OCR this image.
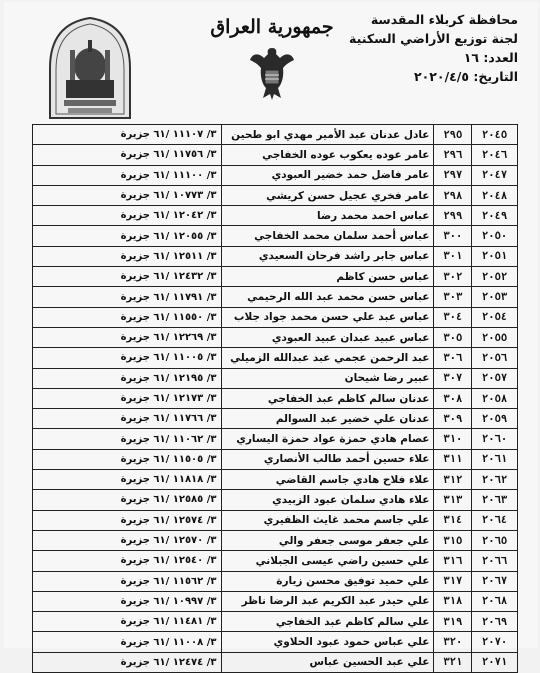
محافظة كربلاء المقدسة
لجنة توزيع الأراضي السكنية
العدد: ١٦
التاريخ: ٢٠٢٠/٤/٥
جمهورية العراق
٢٠٤٥	٢٩٥	عادل عدنان عبد الأمير مهدي ابو طحين	٣/ ١١١٠٧ /٦١ جزيرة
٢٠٤٦	٢٩٦	عامر عوده يعكوب عوده الخفاجي	٣/ ١١٧٥٦ /٦١ جزيرة
٢٠٤٧	٢٩٧	عامر فاضل حمد خضير العبودي	٣/ ١١١٠٠ /٦١ جزيرة
٢٠٤٨	٢٩٨	عامر فخري عجيل حسن كريشي	٣/ ١٠٧٧٣ /٦١ جزيرة
٢٠٤٩	٢٩٩	عباس احمد محمد رضا	٣/ ١٢٠٤٢ /٦١ جزيرة
٢٠٥٠	٣٠٠	عباس أحمد سلمان محمد الخفاجي	٣/ ١٢٠٥٥ /٦١ جزيرة
٢٠٥١	٣٠١	عباس جابر راشد فرحان السعيدي	٣/ ١٢٥١١ /٦١ جزيرة
٢٠٥٢	٣٠٢	عباس حسن كاظم	٣/ ١٢٤٣٢ /٦١ جزيرة
٢٠٥٣	٣٠٣	عباس حسن محمد عبد الله الرحيمي	٣/ ١١٧٩١ /٦١ جزيرة
٢٠٥٤	٣٠٤	عباس عبد علي حسن محمد جواد جلاب	٣/ ١١٥٥٠ /٦١ جزيرة
٢٠٥٥	٣٠٥	عباس عبيد عبدان عبيد العبودي	٣/ ١٢٢٦٩ /٦١ جزيرة
٢٠٥٦	٣٠٦	عبد الرحمن عجمي عبد عبدالله الزميلي	٣/ ١١٠٠٥ /٦١ جزيرة
٢٠٥٧	٣٠٧	عبير رضا شيحان	٣/ ١٢١٩٥ /٦١ جزيرة
٢٠٥٨	٣٠٨	عدنان سالم كاظم عبد الخفاجي	٣/ ١٢١٧٣ /٦١ جزيرة
٢٠٥٩	٣٠٩	عدنان علي خضير عبد السوالم	٣/ ١١٧٦٦ /٦١ جزيرة
٢٠٦٠	٣١٠	عصام هادي حمزة عواد حمزة اليساري	٣/ ١١٠٦٢ /٦١ جزيرة
٢٠٦١	٣١١	علاء حسين أحمد طالب الأنصاري	٣/ ١١٥٠٥ /٦١ جزيرة
٢٠٦٢	٣١٢	علاء فلاح هادي جاسم القاضي	٣/ ١١٨١٨ /٦١ جزيرة
٢٠٦٣	٣١٣	علاء هادي سلمان عبود الزبيدي	٣/ ١٢٥٨٥ /٦١ جزيرة
٢٠٦٤	٣١٤	علي جاسم محمد غايث الظفيري	٣/ ١٢٥٧٤ /٦١ جزيرة
٢٠٦٥	٣١٥	علي جعفر موسى جعفر والي	٣/ ١٢٥٧٠ /٦١ جزيرة
٢٠٦٦	٣١٦	علي حسين راضي عيسى الجبلاني	٣/ ١٢٥٤٠ /٦١ جزيرة
٢٠٦٧	٣١٧	علي حميد توفيق محسن زيارة	٣/ ١١٥٦٢ /٦١ جزيرة
٢٠٦٨	٣١٨	علي حيدر عبد الكريم عبد الرضا ناظر	٣/ ١٠٩٩٧ /٦١ جزيرة
٢٠٦٩	٣١٩	علي سالم كاظم عبد الخفاجي	٣/ ١١٤٨١ /٦١ جزيرة
٢٠٧٠	٣٢٠	علي عباس حمود عبود الحلاوي	٣/ ١١٠٠٨ /٦١ جزيرة
٢٠٧١	٣٢١	علي عبد الحسين عباس	٣/ ١٢٤٧٤ /٦١ جزيرة
